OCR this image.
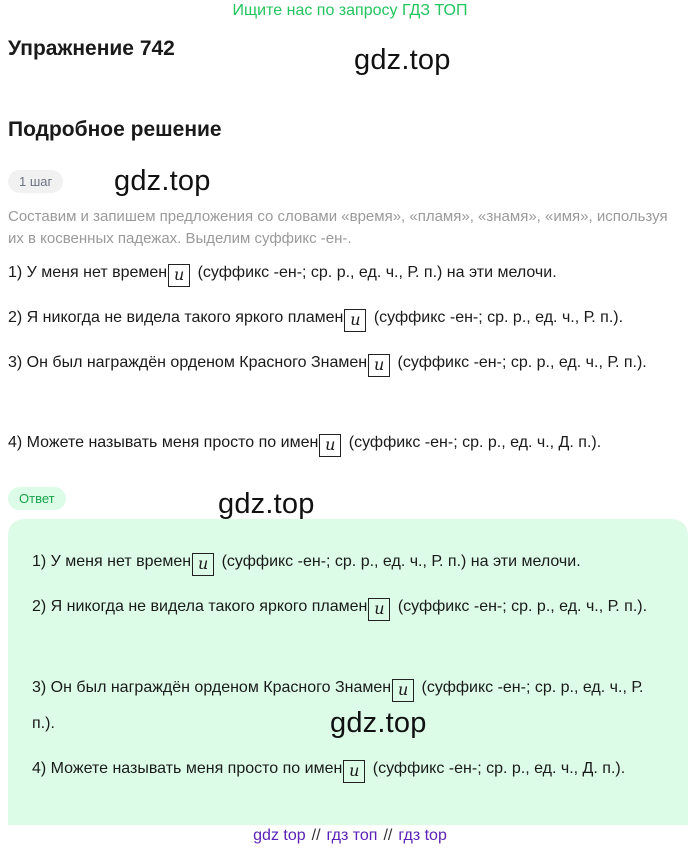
Ищите нас по запросу ГДЗ ТОП
Упражнение 742	gdz.top
Подробное решение
1 шаг	gdz.top
Составим и запишем предложения со словами «время», «пламя», «знамя», «имя», используя их в косвенных падежах. Выделим суффикс -ен-.
1) У меня нет времен и (суффикс -ен-; ср. р., ед. ч., Р. п.) на эти мелочи.
2) Я никогда не видела такого яркого пламен и (суффикс -ен-; ср. р., ед. ч., Р. п.).
3) Он был награждён орденом Красного Знамен и (суффикс -ен-; ср. р., ед. ч., Р. п.).
4) Можете называть меня просто по имен и (суффикс -ен-; ср. р., ед. ч., Д. п.).
Ответ	gdz.top
1) У меня нет времен и (суффикс -ен-; ср. р., ед. ч., Р. п.) на эти мелочи.
2) Я никогда не видела такого яркого пламен и (суффикс -ен-; ср. р., ед. ч., Р. п.).
3) Он был награждён орденом Красного Знамен и (суффикс -ен-; ср. р., ед. ч., Р. п.).	gdz.top
4) Можете называть меня просто по имен и (суффикс -ен-; ср. р., ед. ч., Д. п.).
gdz top // гдз топ // гдз top
